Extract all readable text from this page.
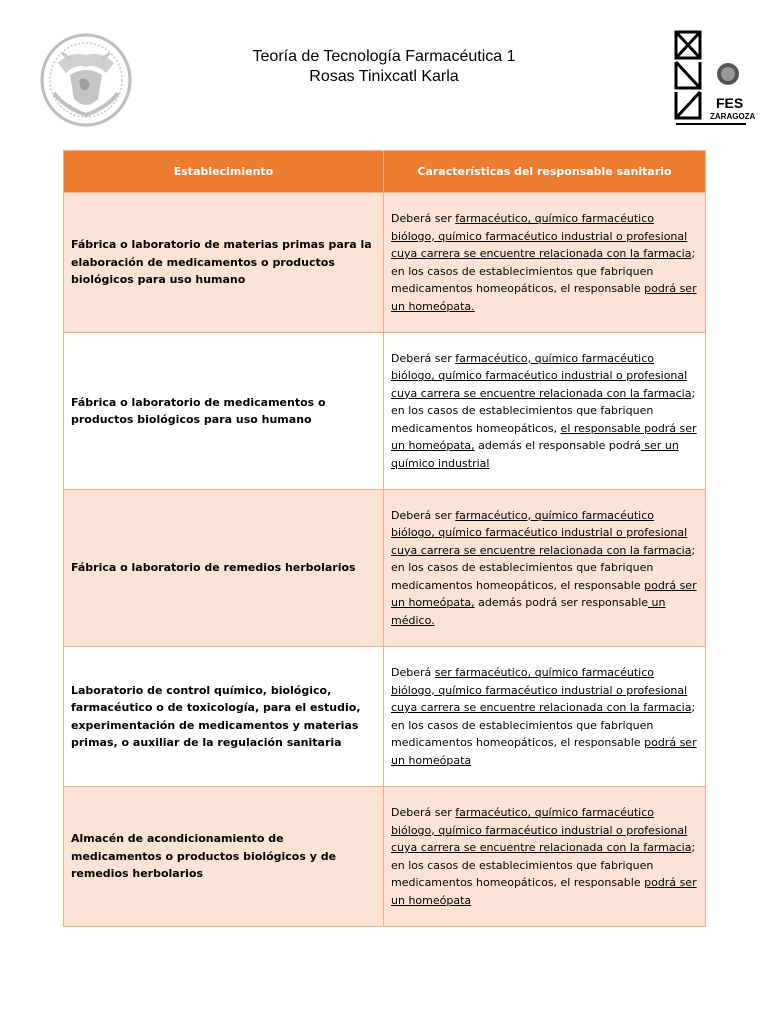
Teoría de Tecnología Farmacéutica 1
Rosas Tinixcatl Karla
FES
ZARAGOZA
Establecimiento	Características del responsable sanitario
Fábrica o laboratorio de materias primas para la elaboración de medicamentos o productos biológicos para uso humano	Deberá ser farmacéutico, químico farmacéutico biólogo, químico farmacéutico industrial o profesional cuya carrera se encuentre relacionada con la farmacia; en los casos de establecimientos que fabriquen medicamentos homeopáticos, el responsable podrá ser un homeópata.
Fábrica o laboratorio de medicamentos o productos biológicos para uso humano	Deberá ser farmacéutico, químico farmacéutico biólogo, químico farmacéutico industrial o profesional cuya carrera se encuentre relacionada con la farmacia; en los casos de establecimientos que fabriquen medicamentos homeopáticos, el responsable podrá ser un homeópata, además el responsable podrá ser un químico industrial
Fábrica o laboratorio de remedios herbolarios	Deberá ser farmacéutico, químico farmacéutico biólogo, químico farmacéutico industrial o profesional cuya carrera se encuentre relacionada con la farmacia; en los casos de establecimientos que fabriquen medicamentos homeopáticos, el responsable podrá ser un homeópata, además podrá ser responsable un médico.
Laboratorio de control químico, biológico, farmacéutico o de toxicología, para el estudio, experimentación de medicamentos y materias primas, o auxiliar de la regulación sanitaria	Deberá ser farmacéutico, químico farmacéutico biólogo, químico farmacéutico industrial o profesional cuya carrera se encuentre relacionada con la farmacia; en los casos de establecimientos que fabriquen medicamentos homeopáticos, el responsable podrá ser un homeópata
Almacén de acondicionamiento de medicamentos o productos biológicos y de remedios herbolarios	Deberá ser farmacéutico, químico farmacéutico biólogo, químico farmacéutico industrial o profesional cuya carrera se encuentre relacionada con la farmacia; en los casos de establecimientos que fabriquen medicamentos homeopáticos, el responsable podrá ser un homeópata
